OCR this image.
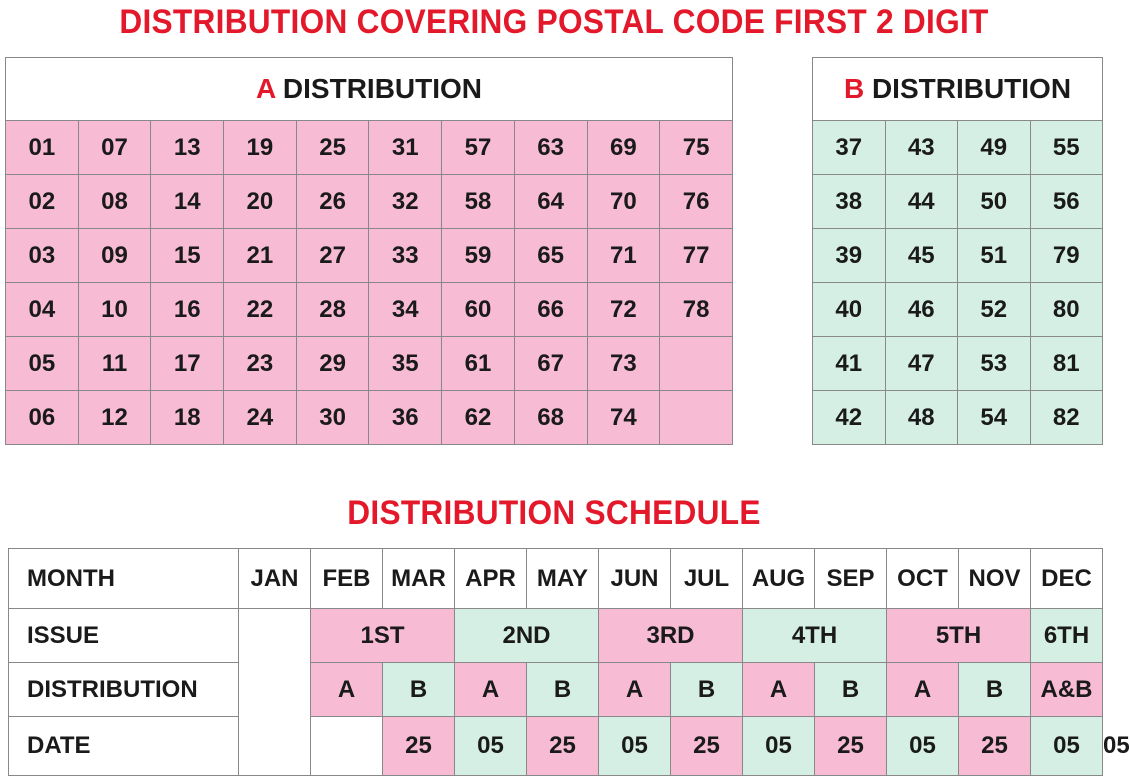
DISTRIBUTION COVERING POSTAL CODE FIRST 2 DIGIT
A DISTRIBUTION									
01	07	13	19	25	31	57	63	69	75
02	08	14	20	26	32	58	64	70	76
03	09	15	21	27	33	59	65	71	77
04	10	16	22	28	34	60	66	72	78
05	11	17	23	29	35	61	67	73	
06	12	18	24	30	36	62	68	74	
B DISTRIBUTION			
37	43	49	55
38	44	50	56
39	45	51	79
40	46	52	80
41	47	53	81
42	48	54	82
DISTRIBUTION SCHEDULE
MONTH	JAN	FEB	MAR	APR	MAY	JUN	JUL	AUG	SEP	OCT	NOV	DEC	
ISSUE		1ST		2ND		3RD		4TH		5TH		6TH	
DISTRIBUTION		A	B	A	B	A	B	A	B	A	B	A&B	
DATE			25	05	25	05	25	05	25	05	25	05	05
